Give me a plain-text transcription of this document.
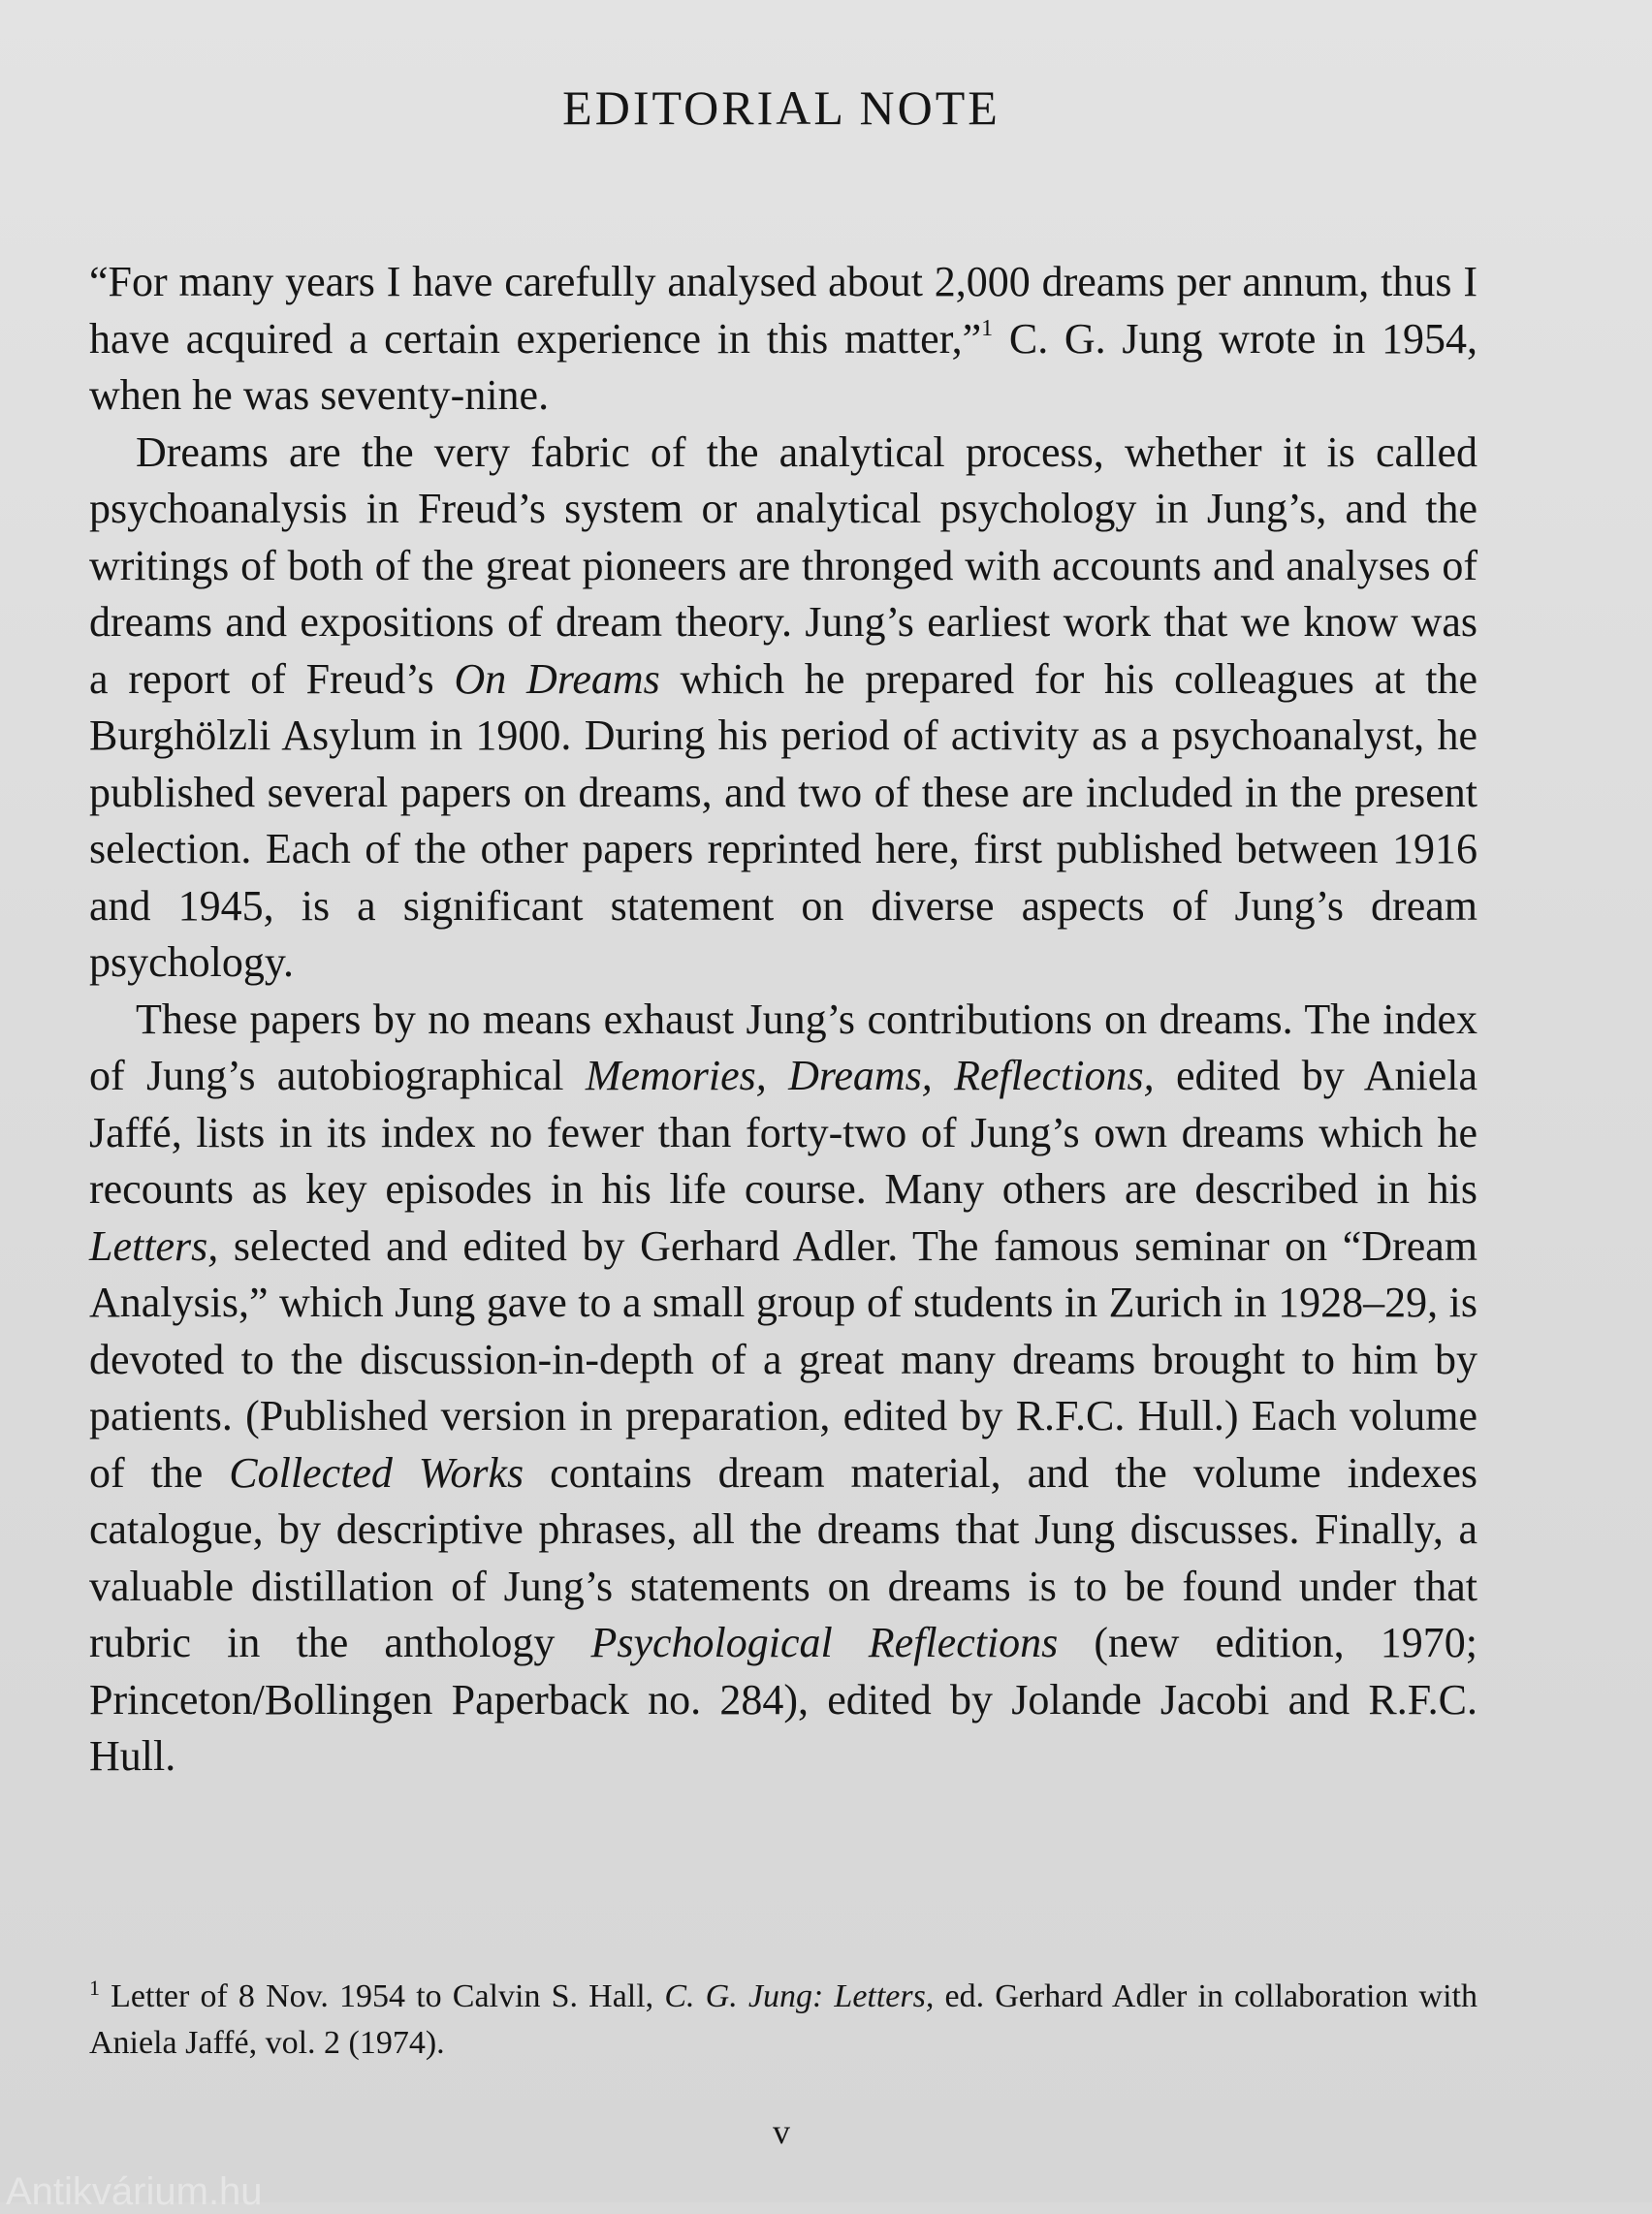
EDITORIAL NOTE

“For many years I have carefully analysed about 2,000 dreams per annum, thus I have acquired a certain experience in this matter,”$^1$ C. G. Jung wrote in 1954, when he was seventy-nine.

Dreams are the very fabric of the analytical process, whether it is called psychoanalysis in Freud’s system or analytical psychology in Jung’s, and the writings of both of the great pioneers are thronged with accounts and analyses of dreams and expositions of dream theory. Jung’s earliest work that we know was a report of Freud’s On Dreams which he prepared for his colleagues at the Burghölzli Asylum in 1900. During his period of activity as a psychoanalyst, he published several papers on dreams, and two of these are included in the present selection. Each of the other papers reprinted here, first published between 1916 and 1945, is a significant statement on diverse aspects of Jung’s dream psychology.

These papers by no means exhaust Jung’s contributions on dreams. The index of Jung’s autobiographical Memories, Dreams, Reflections, edited by Aniela Jaffé, lists in its index no fewer than forty-two of Jung’s own dreams which he recounts as key episodes in his life course. Many others are described in his Letters, selected and edited by Gerhard Adler. The famous seminar on “Dream Analysis,” which Jung gave to a small group of students in Zurich in 1928–29, is devoted to the discussion-in-depth of a great many dreams brought to him by patients. (Published version in preparation, edited by R.F.C. Hull.) Each volume of the Collected Works contains dream material, and the volume indexes catalogue, by descriptive phrases, all the dreams that Jung discusses. Finally, a valuable distillation of Jung’s statements on dreams is to be found under that rubric in the anthology Psychological Reflections (new edition, 1970; Princeton/Bollingen Paperback no. 284), edited by Jolande Jacobi and R.F.C. Hull.

$^1$ Letter of 8 Nov. 1954 to Calvin S. Hall, C. G. Jung: Letters, ed. Gerhard Adler in collaboration with Aniela Jaffé, vol. 2 (1974).
v
Antikvárium.hu
